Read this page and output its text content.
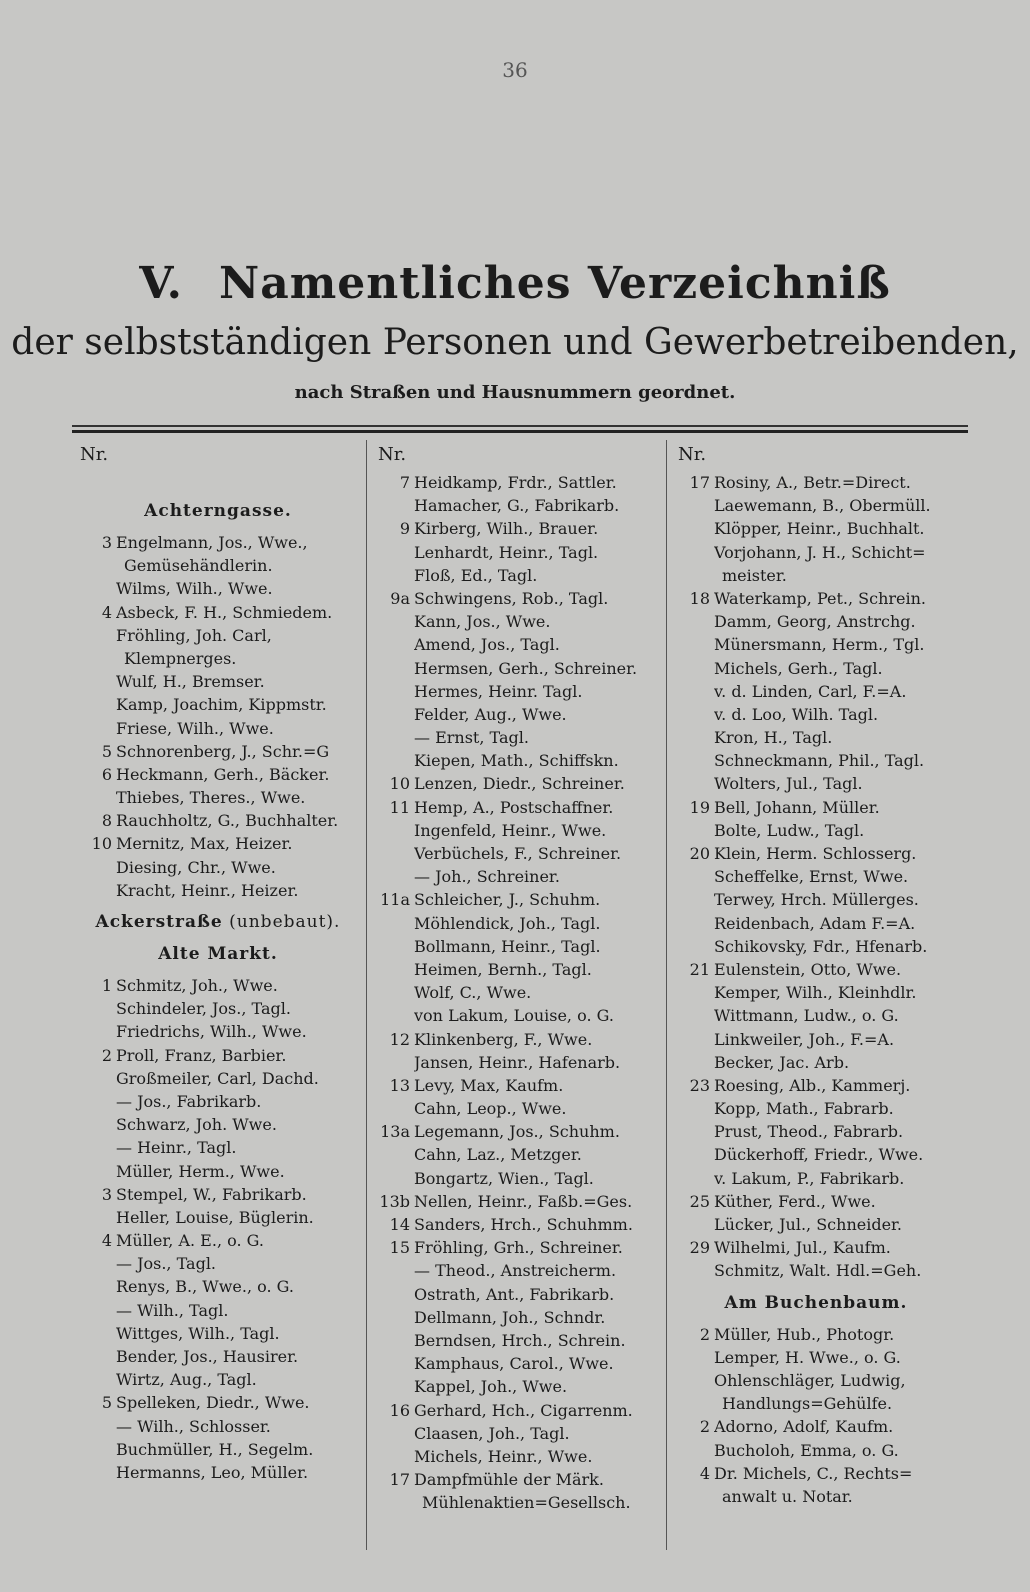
36
V. Namentliches Verzeichniß
der selbstständigen Personen und Gewerbetreibenden,
nach Straßen und Hausnummern geordnet.
Nr.
Achterngasse.
3 Engelmann, Jos., Wwe.,
Gemüsehändlerin.
Wilms, Wilh., Wwe.
4 Asbeck, F. H., Schmiedem.
Fröhling, Joh. Carl,
Klempnerges.
Wulf, H., Bremser.
Kamp, Joachim, Kippmstr.
Friese, Wilh., Wwe.
5 Schnorenberg, J., Schr.=G
6 Heckmann, Gerh., Bäcker.
Thiebes, Theres., Wwe.
8 Rauchholtz, G., Buchhalter.
10 Mernitz, Max, Heizer.
Diesing, Chr., Wwe.
Kracht, Heinr., Heizer.
Ackerstraße (unbebaut).
Alte Markt.
1 Schmitz, Joh., Wwe.
Schindeler, Jos., Tagl.
Friedrichs, Wilh., Wwe.
2 Proll, Franz, Barbier.
Großmeiler, Carl, Dachd.
— Jos., Fabrikarb.
Schwarz, Joh. Wwe.
— Heinr., Tagl.
Müller, Herm., Wwe.
3 Stempel, W., Fabrikarb.
Heller, Louise, Büglerin.
4 Müller, A. E., o. G.
— Jos., Tagl.
Renys, B., Wwe., o. G.
— Wilh., Tagl.
Wittges, Wilh., Tagl.
Bender, Jos., Hausirer.
Wirtz, Aug., Tagl.
5 Spelleken, Diedr., Wwe.
— Wilh., Schlosser.
Buchmüller, H., Segelm.
Hermanns, Leo, Müller.
Nr.
7 Heidkamp, Frdr., Sattler.
Hamacher, G., Fabrikarb.
9 Kirberg, Wilh., Brauer.
Lenhardt, Heinr., Tagl.
Floß, Ed., Tagl.
9a Schwingens, Rob., Tagl.
Kann, Jos., Wwe.
Amend, Jos., Tagl.
Hermsen, Gerh., Schreiner.
Hermes, Heinr. Tagl.
Felder, Aug., Wwe.
— Ernst, Tagl.
Kiepen, Math., Schiffskn.
10 Lenzen, Diedr., Schreiner.
11 Hemp, A., Postschaffner.
Ingenfeld, Heinr., Wwe.
Verbüchels, F., Schreiner.
— Joh., Schreiner.
11a Schleicher, J., Schuhm.
Möhlendick, Joh., Tagl.
Bollmann, Heinr., Tagl.
Heimen, Bernh., Tagl.
Wolf, C., Wwe.
von Lakum, Louise, o. G.
12 Klinkenberg, F., Wwe.
Jansen, Heinr., Hafenarb.
13 Levy, Max, Kaufm.
Cahn, Leop., Wwe.
13a Legemann, Jos., Schuhm.
Cahn, Laz., Metzger.
Bongartz, Wien., Tagl.
13b Nellen, Heinr., Faßb.=Ges.
14 Sanders, Hrch., Schuhmm.
15 Fröhling, Grh., Schreiner.
— Theod., Anstreicherm.
Ostrath, Ant., Fabrikarb.
Dellmann, Joh., Schndr.
Berndsen, Hrch., Schrein.
Kamphaus, Carol., Wwe.
Kappel, Joh., Wwe.
16 Gerhard, Hch., Cigarrenm.
Claasen, Joh., Tagl.
Michels, Heinr., Wwe.
17 Dampfmühle der Märk.
Mühlenaktien=Gesellsch.
Nr.
17 Rosiny, A., Betr.=Direct.
Laewemann, B., Obermüll.
Klöpper, Heinr., Buchhalt.
Vorjohann, J. H., Schicht=
meister.
18 Waterkamp, Pet., Schrein.
Damm, Georg, Anstrchg.
Münersmann, Herm., Tgl.
Michels, Gerh., Tagl.
v. d. Linden, Carl, F.=A.
v. d. Loo, Wilh. Tagl.
Kron, H., Tagl.
Schneckmann, Phil., Tagl.
Wolters, Jul., Tagl.
19 Bell, Johann, Müller.
Bolte, Ludw., Tagl.
20 Klein, Herm. Schlosserg.
Scheffelke, Ernst, Wwe.
Terwey, Hrch. Müllerges.
Reidenbach, Adam F.=A.
Schikovsky, Fdr., Hfenarb.
21 Eulenstein, Otto, Wwe.
Kemper, Wilh., Kleinhdlr.
Wittmann, Ludw., o. G.
Linkweiler, Joh., F.=A.
Becker, Jac. Arb.
23 Roesing, Alb., Kammerj.
Kopp, Math., Fabrarb.
Prust, Theod., Fabrarb.
Dückerhoff, Friedr., Wwe.
v. Lakum, P., Fabrikarb.
25 Küther, Ferd., Wwe.
Lücker, Jul., Schneider.
29 Wilhelmi, Jul., Kaufm.
Schmitz, Walt. Hdl.=Geh.
Am Buchenbaum.
2 Müller, Hub., Photogr.
Lemper, H. Wwe., o. G.
Ohlenschläger, Ludwig,
Handlungs=Gehülfe.
2 Adorno, Adolf, Kaufm.
Bucholoh, Emma, o. G.
4 Dr. Michels, C., Rechts=
anwalt u. Notar.
